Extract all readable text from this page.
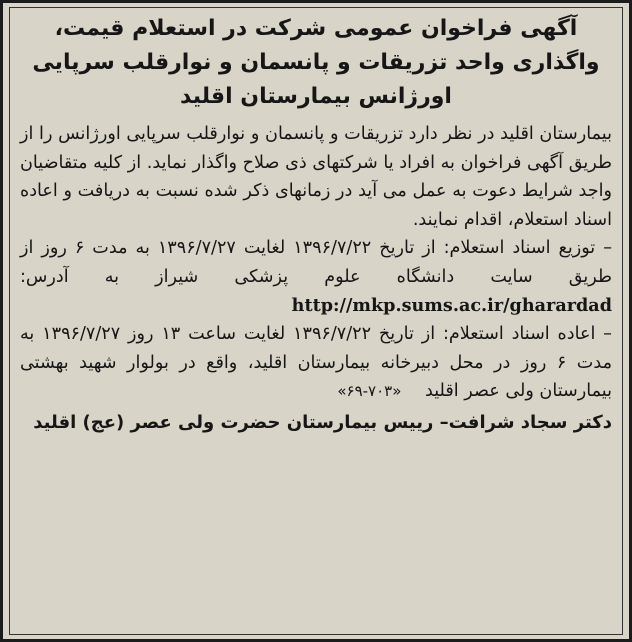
آگهی فراخوان عمومی شرکت در استعلام قیمت،
واگذاری واحد تزریقات و پانسمان و نوارقلب سرپایی
اورژانس بیمارستان اقلید

بیمارستان اقلید در نظر دارد تزریقات و پانسمان و نوارقلب سرپایی اورژانس را از طریق آگهی فراخوان به افراد یا شرکتهای ذی صلاح واگذار نماید. از کلیه متقاضیان واجد شرایط دعوت به عمل می آید در زمانهای ذکر شده نسبت به دریافت و اعاده اسناد استعلام، اقدام نمایند.

– توزیع اسناد استعلام: از تاریخ ۱۳۹۶/۷/۲۲ لغایت ۱۳۹۶/۷/۲۷ به مدت ۶ روز از طریق سایت دانشگاه علوم پزشکی شیراز به آدرس: http://mkp.sums.ac.ir/gharardad

– اعاده اسناد استعلام: از تاریخ ۱۳۹۶/۷/۲۲ لغایت ساعت ۱۳ روز ۱۳۹۶/۷/۲۷ به مدت ۶ روز در محل دبیرخانه بیمارستان اقلید، واقع در بولوار شهید بهشتی بیمارستان ولی عصر اقلید «۶۹-۷۰۳»

دکتر سجاد شرافت– رییس بیمارستان حضرت ولی عصر (عج) اقلید
